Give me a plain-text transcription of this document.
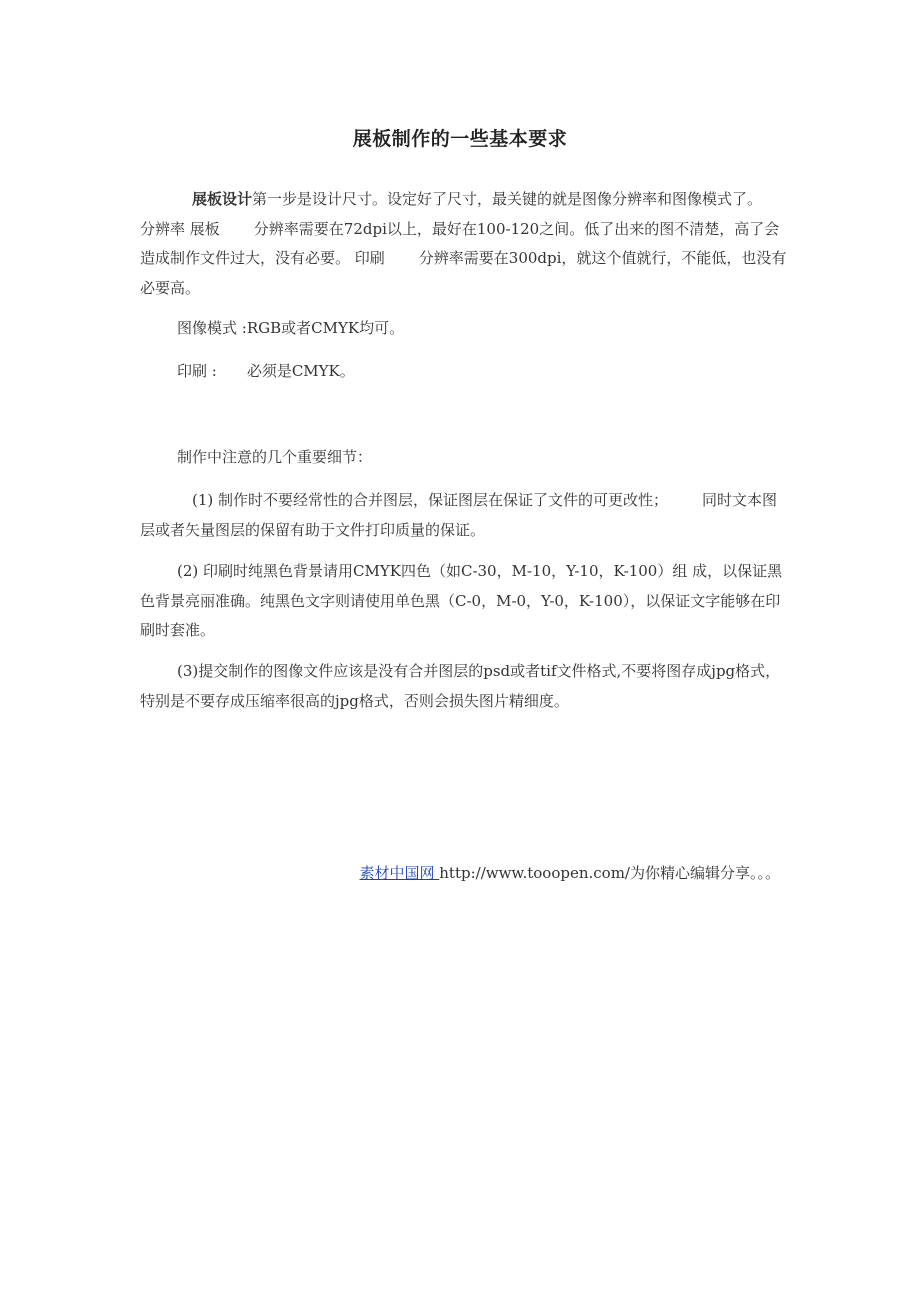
展板制作的一些基本要求
展板设计第一步是设计尺寸。设定好了尺寸，最关键的就是图像分辨率和图像模式了。分辨率 展板 分辨率需要在72dpi以上，最好在100-120之间。低了出来的图不清楚，高了会造成制作文件过大，没有必要。 印刷 分辨率需要在300dpi，就这个值就行，不能低，也没有必要高。
图像模式 :RGB或者CMYK均可。
印刷 :　　必须是CMYK。
制作中注意的几个重要细节：
(1) 制作时不要经常性的合并图层，保证图层在保证了文件的可更改性； 同时文本图层或者矢量图层的保留有助于文件打印质量的保证。
(2) 印刷时纯黑色背景请用CMYK四色（如C-30，M-10，Y-10，K-100）组 成，以保证黑色背景亮丽准确。纯黑色文字则请使用单色黑（C-0，M-0，Y-0，K-100），以保证文字能够在印刷时套准。
(3)提交制作的图像文件应该是没有合并图层的psd或者tif文件格式,不要将图存成jpg格式，特别是不要存成压缩率很高的jpg格式，否则会损失图片精细度。
素材中国网 http://www.tooopen.com/为你精心编辑分享。。。
